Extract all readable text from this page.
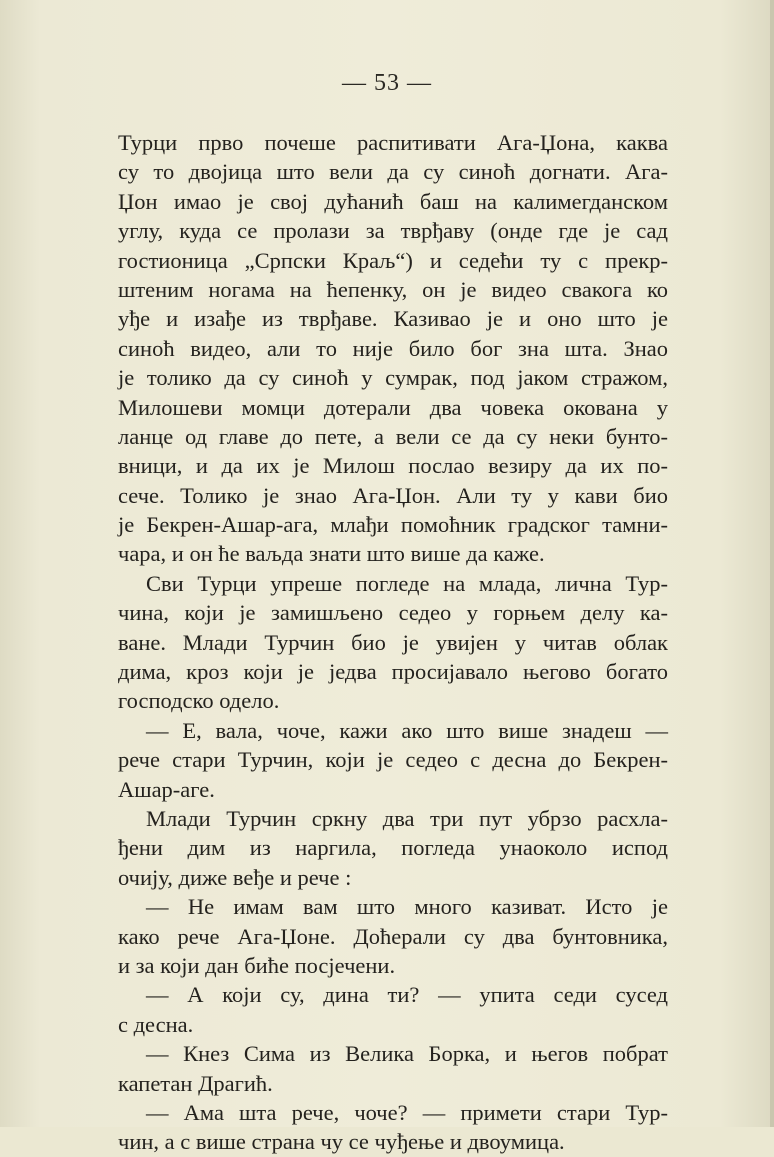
— 53 —
Турци прво почеше распитивати Ага-Џона, каква
су то двојица што вели да су синоћ догнати. Ага-
Џон имао је свој дућанић баш на калимегданском
углу, куда се пролази за тврђаву (онде где је сад
гостионица „Српски Краљ“) и седећи ту с прекр-
штеним ногама на ћепенку, он је видео свакога ко
уђе и изађе из тврђаве. Казивао је и оно што је
синоћ видео, али то није било бог зна шта. Знао
је толико да су синоћ у сумрак, под јаком стражом,
Милошеви момци дотерали два човека окована у
ланце од главе до пете, а вели се да су неки бунто-
вници, и да их је Милош послао везиру да их по-
сече. Толико је знао Ага-Џон. Али ту у кави био
је Бекрен-Ашар-ага, млађи помоћник градског тамни-
чара, и он ће ваљда знати што више да каже.
Сви Турци упреше погледе на млада, лична Тур-
чина, који је замишљено седео у горњем делу ка-
ване. Млади Турчин био је увијен у читав облак
дима, кроз који је једва просијавало његово богато
господско одело.
— Е, вала, чоче, кажи ако што више знадеш —
рече стари Турчин, који је седео с десна до Бекрен-
Ашар-аге.
Млади Турчин сркну два три пут убрзо расхла-
ђени дим из наргила, погледа унаоколо испод
очију, диже веђе и рече :
— Не имам вам што много казиват. Исто је
како рече Ага-Џоне. Доћерали су два бунтовника,
и за који дан биће посјечени.
— А који су, дина ти? — упита седи сусед
с десна.
— Кнез Сима из Велика Борка, и његов побрат
капетан Драгић.
— Ама шта рече, чоче? — примети стари Тур-
чин, а с више страна чу се чуђење и двоумица.
